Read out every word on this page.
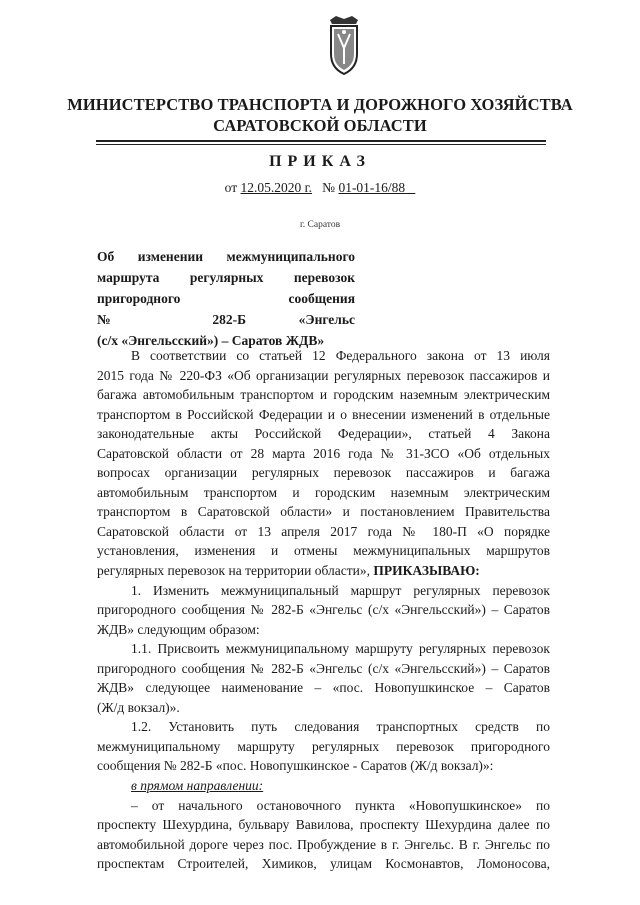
МИНИСТЕРСТВО ТРАНСПОРТА И ДОРОЖНОГО ХОЗЯЙСТВА
САРАТОВСКОЙ ОБЛАСТИ
ПРИКАЗ
от 12.05.2020 г. № 01-01-16/88
г. Саратов
Об изменении межмуниципального
маршрута регулярных перевозок
пригородного сообщения
№ 282-Б «Энгельс
(с/х «Энгельсский») – Саратов ЖДВ»
В соответствии со статьей 12 Федерального закона от 13 июля
2015 года № 220-ФЗ «Об организации регулярных перевозок пассажиров и
багажа автомобильным транспортом и городским наземным электрическим
транспортом в Российской Федерации и о внесении изменений в отдельные
законодательные акты Российской Федерации», статьей 4 Закона
Саратовской области от 28 марта 2016 года № 31-ЗСО «Об отдельных
вопросах организации регулярных перевозок пассажиров и багажа
автомобильным транспортом и городским наземным электрическим
транспортом в Саратовской области» и постановлением Правительства
Саратовской области от 13 апреля 2017 года № 180-П «О порядке
установления, изменения и отмены межмуниципальных маршрутов
регулярных перевозок на территории области», ПРИКАЗЫВАЮ:
1. Изменить межмуниципальный маршрут регулярных перевозок
пригородного сообщения № 282-Б «Энгельс (с/х «Энгельсский») – Саратов
ЖДВ» следующим образом:
1.1. Присвоить межмуниципальному маршруту регулярных перевозок
пригородного сообщения № 282-Б «Энгельс (с/х «Энгельсский») – Саратов
ЖДВ» следующее наименование – «пос. Новопушкинское – Саратов
(Ж/д вокзал)».
1.2. Установить путь следования транспортных средств по
межмуниципальному маршруту регулярных перевозок пригородного
сообщения № 282-Б «пос. Новопушкинское - Саратов (Ж/д вокзал)»:
в прямом направлении:
– от начального остановочного пункта «Новопушкинское» по
проспекту Шехурдина, бульвару Вавилова, проспекту Шехурдина далее по
автомобильной дороге через пос. Пробуждение в г. Энгельс. В г. Энгельс по
проспектам Строителей, Химиков, улицам Космонавтов, Ломоносова,
